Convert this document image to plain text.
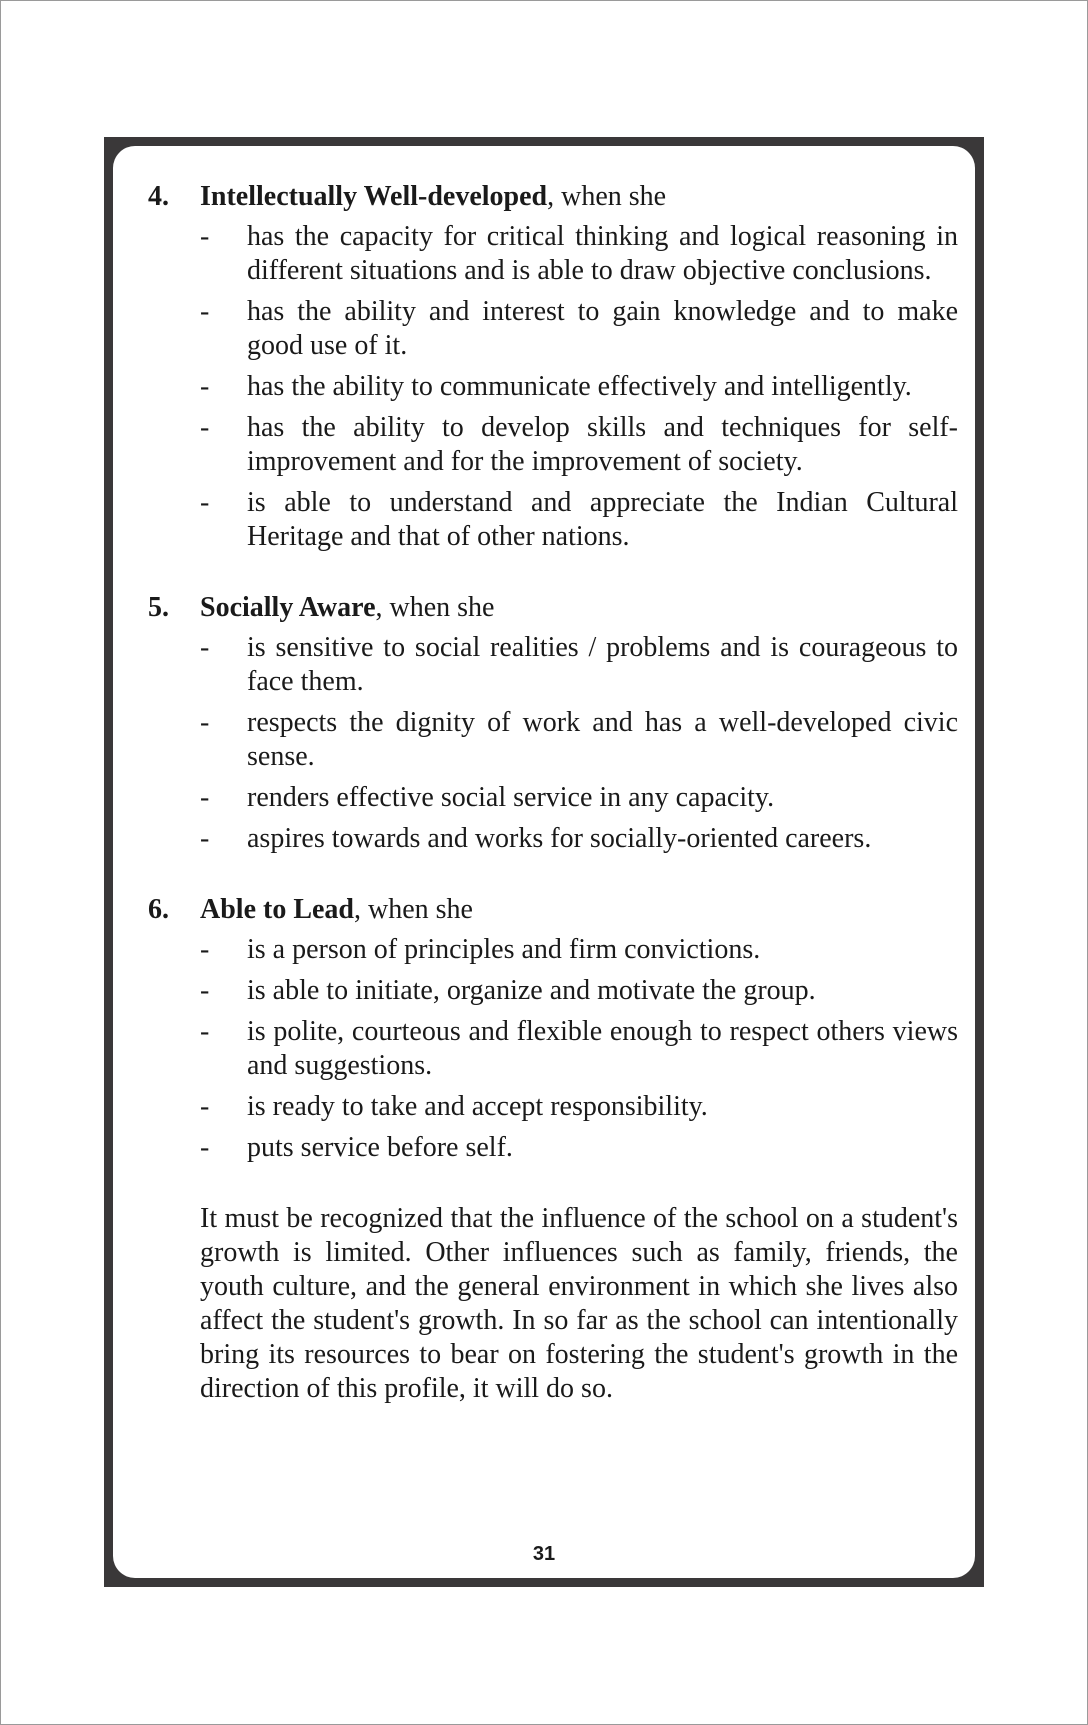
4.	Intellectually Well-developed, when she
-	has the capacity for critical thinking and logical reasoning in different situations and is able to draw objective conclusions.
-	has the ability and interest to gain knowledge and to make good use of it.
-	has the ability to communicate effectively and intelligently.
-	has the ability to develop skills and techniques for self-improvement and for the improvement of society.
-	is able to understand and appreciate the Indian Cultural Heritage and that of other nations.
5.	Socially Aware, when she
-	is sensitive to social realities / problems and is courageous to face them.
-	respects the dignity of work and has a well-developed civic sense.
-	renders effective social service in any capacity.
-	aspires towards and works for socially-oriented careers.
6.	Able to Lead, when she
-	is a person of principles and firm convictions.
-	is able to initiate, organize and motivate the group.
-	is polite, courteous and flexible enough to respect others views and suggestions.
-	is ready to take and accept responsibility.
-	puts service before self.

It must be recognized that the influence of the school on a student's growth is limited. Other influences such as family, friends, the youth culture, and the general environment in which she lives also affect the student's growth. In so far as the school can intentionally bring its resources to bear on fostering the student's growth in the direction of this profile, it will do so.

31
